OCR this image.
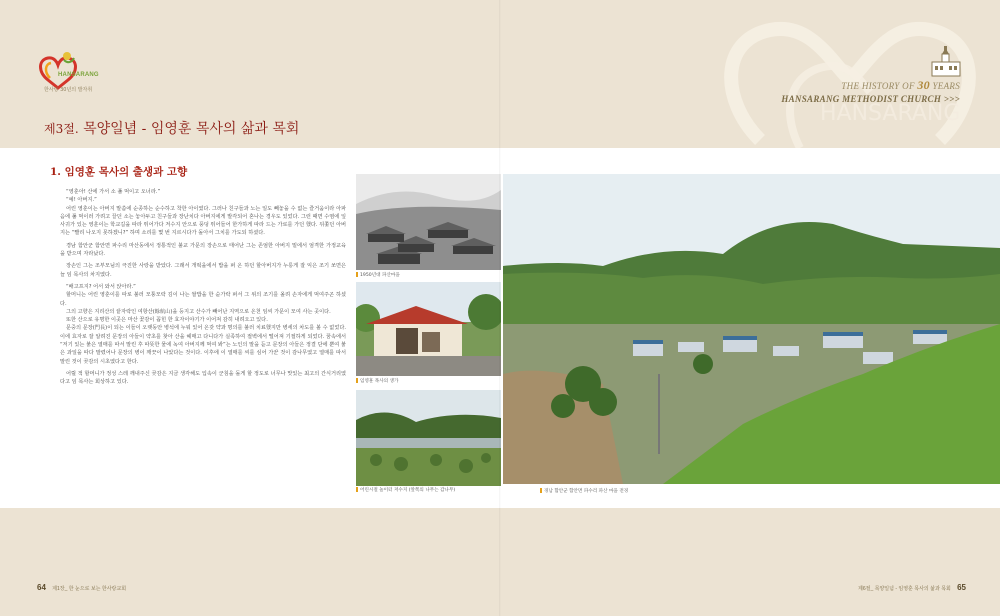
HANSARANG
HANSARANG
한사랑 30년의 발자취	THE HISTORY OF 30 YEARS
HANSARANG METHODIST CHURCH >>>
제3절. 목양일념 - 임영훈 목사의 삶과 목회
1. 임영훈 목사의 출생과 고향

“영훈아! 산에 가서 소 풀 먹이고 오너라.”

“예! 아버지.”

어린 영훈이는 아버지 말씀에 순종하는 순수하고 착한 아이였다. 그러나 친구들과 노는 일도 빼놓을 수 없는 즐거움이라 아파음에 풀 먹이러 가려고 끌던 소는 놓아두고 친구들과 장난치다 아버지에게 발각되어 혼나는 경우도 있었다. 그런 때면 수염에 잎사귀가 있는 영훈이는 학교길을 따라 뛰어가다 저수지 안으로 풍덩 뛰어들어 한가하게 따라 드는 가로를 가던 했다. 뒤쫓던 아버지는 “빨리 나오지 못하겠니?” 하며 소리를 몇 번 지르시다가 돌아서 그치를 가도되 하셨다.

경남 함안군 함안면 파수리 마산동에서 정통적인 불교 가문의 장손으로 태어난 그는 존엄한 아버지 밑에서 엄격한 가정교육을 받으며 자라났다.

장손인 그는 조부모님의 극진한 사랑을 받았다. 그래서 개떡을에서 밥을 퍼 온 하던 할아버지가 누룽게 잘 익은 조기 쏘면은 늘 임 목사의 차지였다.

“배고프지? 어서 와서 앉아라.”

할머니는 어린 영훈이를 따로 불러 모퉁모락 김이 나는 쌀밥을 한 숟가락 퍼서 그 위의 조기를 올려 손자에게 먹여주곤 하셨다.

그의 고향은 지리산의 끝자락인 여항산(餘航山)을 등지고 산수가 빼어난 지역으로 온천 임씨 가문이 모여 사는 곳이다.

또한 산으로 유명한 이곳은 마산 꽃감이 꼽힌 한 효자이야기가 이어져 감히 내려오고 있다.

문중의 문장(門長)이 되는 이들이 오랫동안 병석에 누워 있어 온갖 약과 명의를 불러 치료했지만 병세의 차도를 볼 수 없었다. 이에 효자로 잘 알려진 문장의 아들이 약초를 찾아 산을 헤매고 다니다가 실족하여 절벽에서 떨어져 기절하게 되었다. 꿈속에서 “저기 있는 붉은 열매를 따서 말린 후 따뜻한 물에 녹여 아버지께 먹여 봐”는 노인의 말을 듣고 문장의 아들은 정결 단에 뿐여 붉은 과일을 따다 말렸어나 문장의 병이 깨끗이 나았다는 것이다. 이후에 이 열매를 씨를 심어 가꾼 것이 감나무였고 열매를 따서 말린 것이 곶감의 시초였다고 한다.

어릴 적 할머니가 정성 스레 깨내주신 곶감은 지금 생각해도 입속이 군침을 돌게 할 정도로 너무나 맛있는 최고의 간식거리였다고 임 목사는 회상하고 있다.

1950년대 파산마을
임영훈 목사의 생가
어린시절 놀이터 저수지 (앞쪽의 나무는 감나무)	경남 함안군 함안면 파수리 파산 마을 전경
64 제1장_ 한 눈으로 보는 한사랑교회	제6절_ 목양일념 - 임영훈 목사의 삶과 목회 65
